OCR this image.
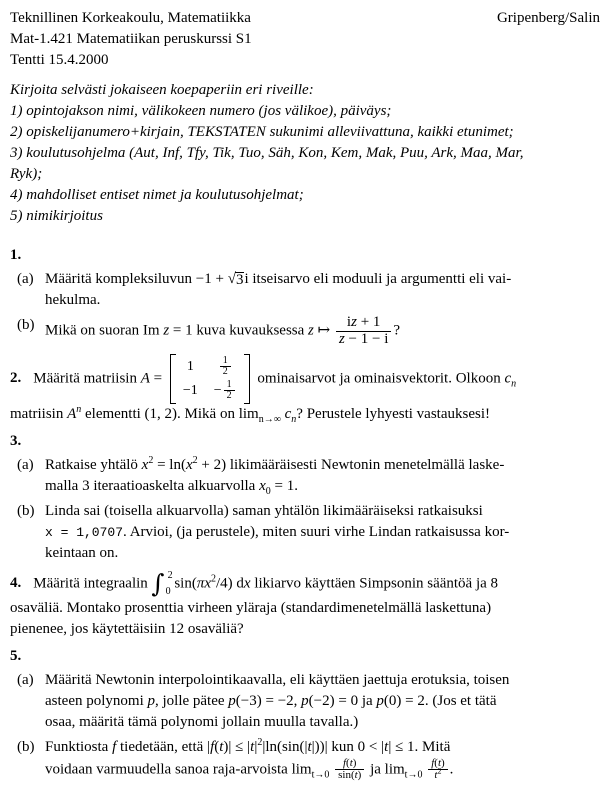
Teknillinen Korkeakoulu, Matematiikka	Gripenberg/Salin
Mat-1.421 Matematiikan peruskurssi S1
Tentti 15.4.2000
Kirjoita selvästi jokaiseen koepaperiin eri riveille:
1) opintojakson nimi, välikokeen numero (jos välikoe), päiväys;
2) opiskelijanumero+kirjain, TEKSTATEN sukunimi alleviivattuna, kaikki etunimet;
3) koulutusohjelma (Aut, Inf, Tfy, Tik, Tuo, Säh, Kon, Kem, Mak, Puu, Ark, Maa, Mar,
Ryk);
4) mahdolliset entiset nimet ja koulutusohjelmat;
5) nimikirjoitus
1.
(a) Määritä kompleksiluvun −1 + √ 3 i itseisarvo eli moduuli ja argumentti eli vai-
hekulma.
(b) Mikä on suoran Im z = 1 kuva kuvauksessa z ↦ $\frac{iz + 1}{z - 1 - i}$ ?
2. Määritä matriisin A =
1	$\frac{1}{2}$
$-1 - \frac{1}{2}$
ominaisarvot ja ominaisvektorit. Olkoon $c_n$
matriisin $A^n$ elementti (1, 2). Mikä on $\lim_{n\to\infty} c_n$? Perustele lyhyesti vastauksesi!
3.
(a) Ratkaise yhtälö $x^2 = \ln(x^2 + 2)$ likimääräisesti Newtonin menetelmällä laske-
malla 3 iteraatioaskelta alkuarvolla $x_0 = 1$.
(b) Linda sai (toisella alkuarvolla) saman yhtälön likimääräiseksi ratkaisuksi
x = 1,0707. Arvioi, (ja perustele), miten suuri virhe Lindan ratkaisussa kor-
keintaan on.
4. Määritä integraalin ∫ 2
0
$\sin(\pi x^2/4)$ dx likiarvo käyttäen Simpsonin sääntöä ja 8
osaväliä. Montako prosenttia virheen yläraja (standardimenetelmällä laskettuna)
pienenee, jos käytettäisiin 12 osaväliä?
5.
(a) Määritä Newtonin interpolointikaavalla, eli käyttäen jaettuja erotuksia, toisen
asteen polynomi p, jolle pätee p(−3) = −2, p(−2) = 0 ja p(0) = 2. (Jos et tätä
osaa, määritä tämä polynomi jollain muulla tavalla.)
(b) Funktiosta f tiedetään, että $|f(t)| \le |t|^2|\ln(\sin(|t|))|$ kun 0 < |t| ≤ 1. Mitä
voidaan varmuudella sanoa raja-arvoista $\lim_{t\to 0} \frac{f(t)}{\sin(t)}$ ja $\lim_{t\to 0} \frac{f(t)}{t^2}$ .
